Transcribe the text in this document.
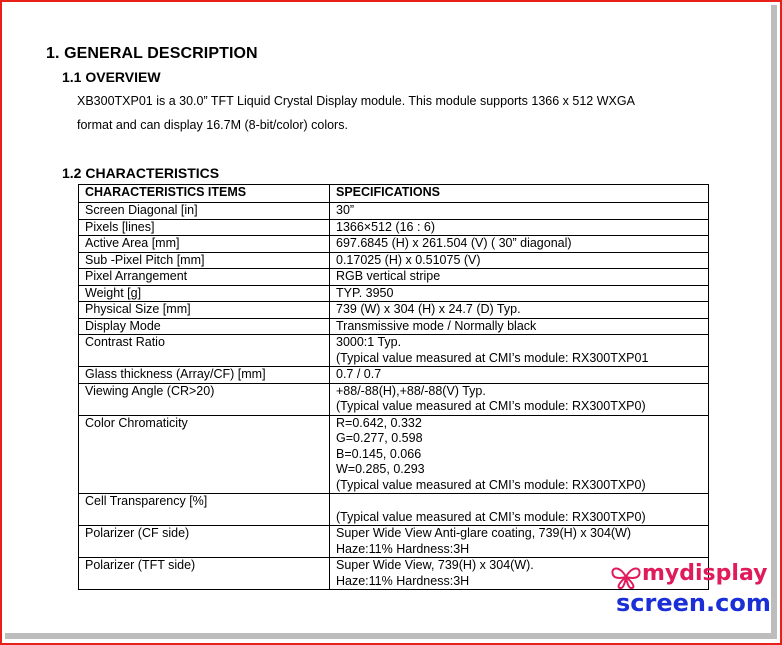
1. GENERAL DESCRIPTION
1.1 OVERVIEW
XB300TXP01 is a 30.0” TFT Liquid Crystal Display module. This module supports 1366 x 512 WXGA
format and can display 16.7M (8-bit/color) colors.
1.2 CHARACTERISTICS
CHARACTERISTICS ITEMS	SPECIFICATIONS
Screen Diagonal [in]	30”

Pixels [lines]	1366×512 (16 : 6)

Active Area [mm]	697.6845 (H) x 261.504 (V) ( 30” diagonal)

Sub -Pixel Pitch [mm]	0.17025 (H) x 0.51075 (V)

Pixel Arrangement	RGB vertical stripe

Weight [g]	TYP. 3950

Physical Size [mm]	739 (W) x 304 (H) x 24.7 (D) Typ.

Display Mode	Transmissive mode / Normally black

Contrast Ratio	3000:1 Typ.
(Typical value measured at CMI’s module: RX300TXP01

Glass thickness (Array/CF) [mm]	0.7 / 0.7

Viewing Angle (CR>20)	+88/-88(H),+88/-88(V) Typ.
(Typical value measured at CMI’s module: RX300TXP0)

Color Chromaticity	R=0.642, 0.332
G=0.277, 0.598
B=0.145, 0.066
W=0.285, 0.293
(Typical value measured at CMI’s module: RX300TXP0)

Cell Transparency [%]	(Typical value measured at CMI’s module: RX300TXP0)

Polarizer (CF side)	Super Wide View Anti-glare coating, 739(H) x 304(W)
Haze:11% Hardness:3H

Polarizer (TFT side)	Super Wide View, 739(H) x 304(W).
Haze:11% Hardness:3H	mydisplay
screen.com
